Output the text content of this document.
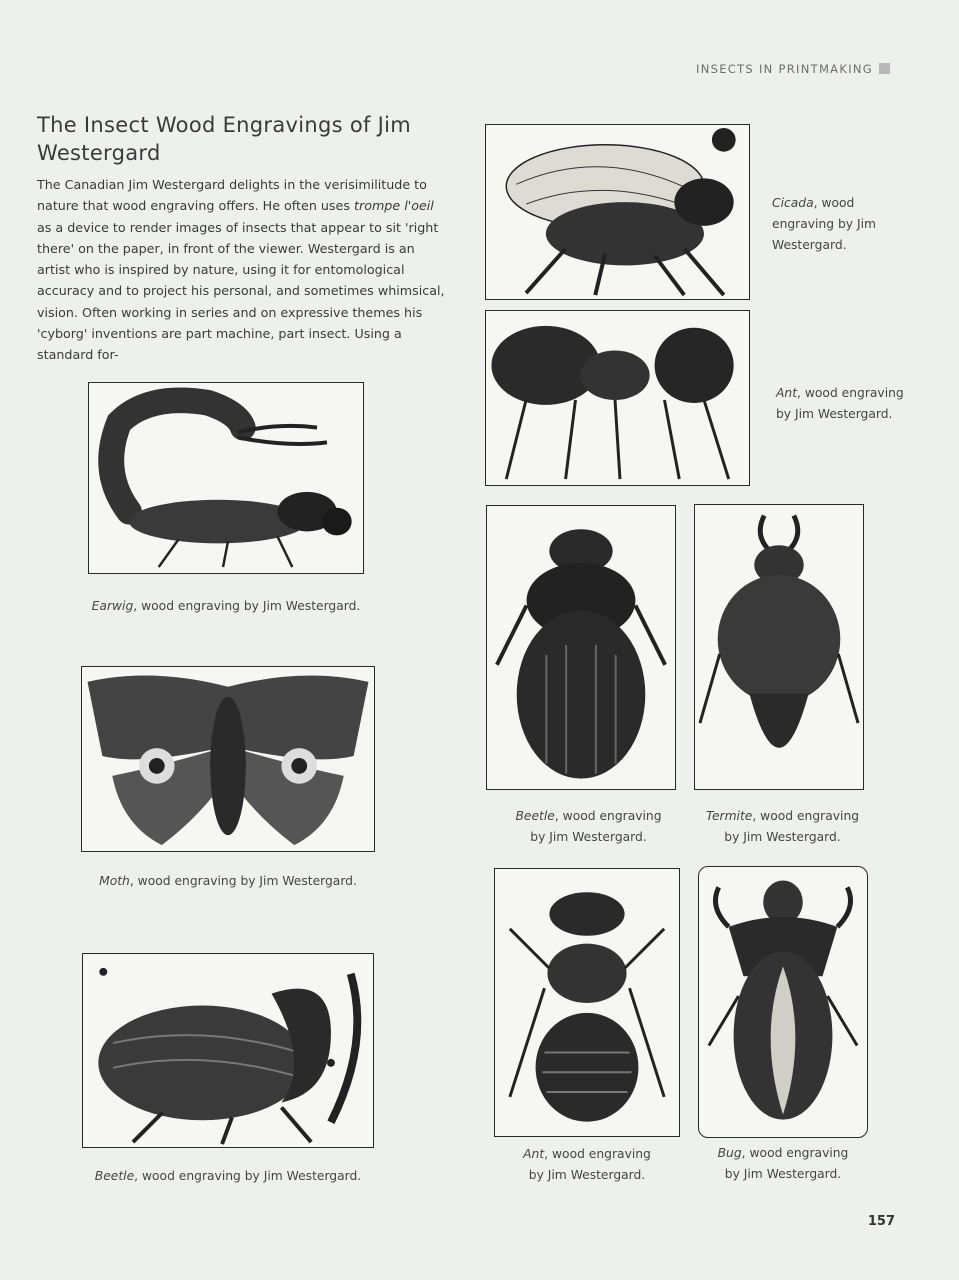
INSECTS IN PRINTMAKING
The Insect Wood Engravings of Jim Westergard

The Canadian Jim Westergard delights in the verisimilitude to nature that wood engraving offers. He often uses trompe l'oeil as a device to render images of insects that appear to sit 'right there' on the paper, in front of the viewer. Westergard is an artist who is inspired by nature, using it for entomological accuracy and to project his personal, and sometimes whimsical, vision. Often working in series and on expressive themes his 'cyborg' inventions are part machine, part insect. Using a standard for-

Cicada, wood engraving by Jim Westergard.
Ant, wood engraving by Jim Westergard.
Earwig, wood engraving by Jim Westergard.
Beetle, wood engraving
by Jim Westergard.
Termite, wood engraving
by Jim Westergard.
Moth, wood engraving by Jim Westergard.
Ant, wood engraving
by Jim Westergard.
Bug, wood engraving
by Jim Westergard.
Beetle, wood engraving by Jim Westergard.
157
